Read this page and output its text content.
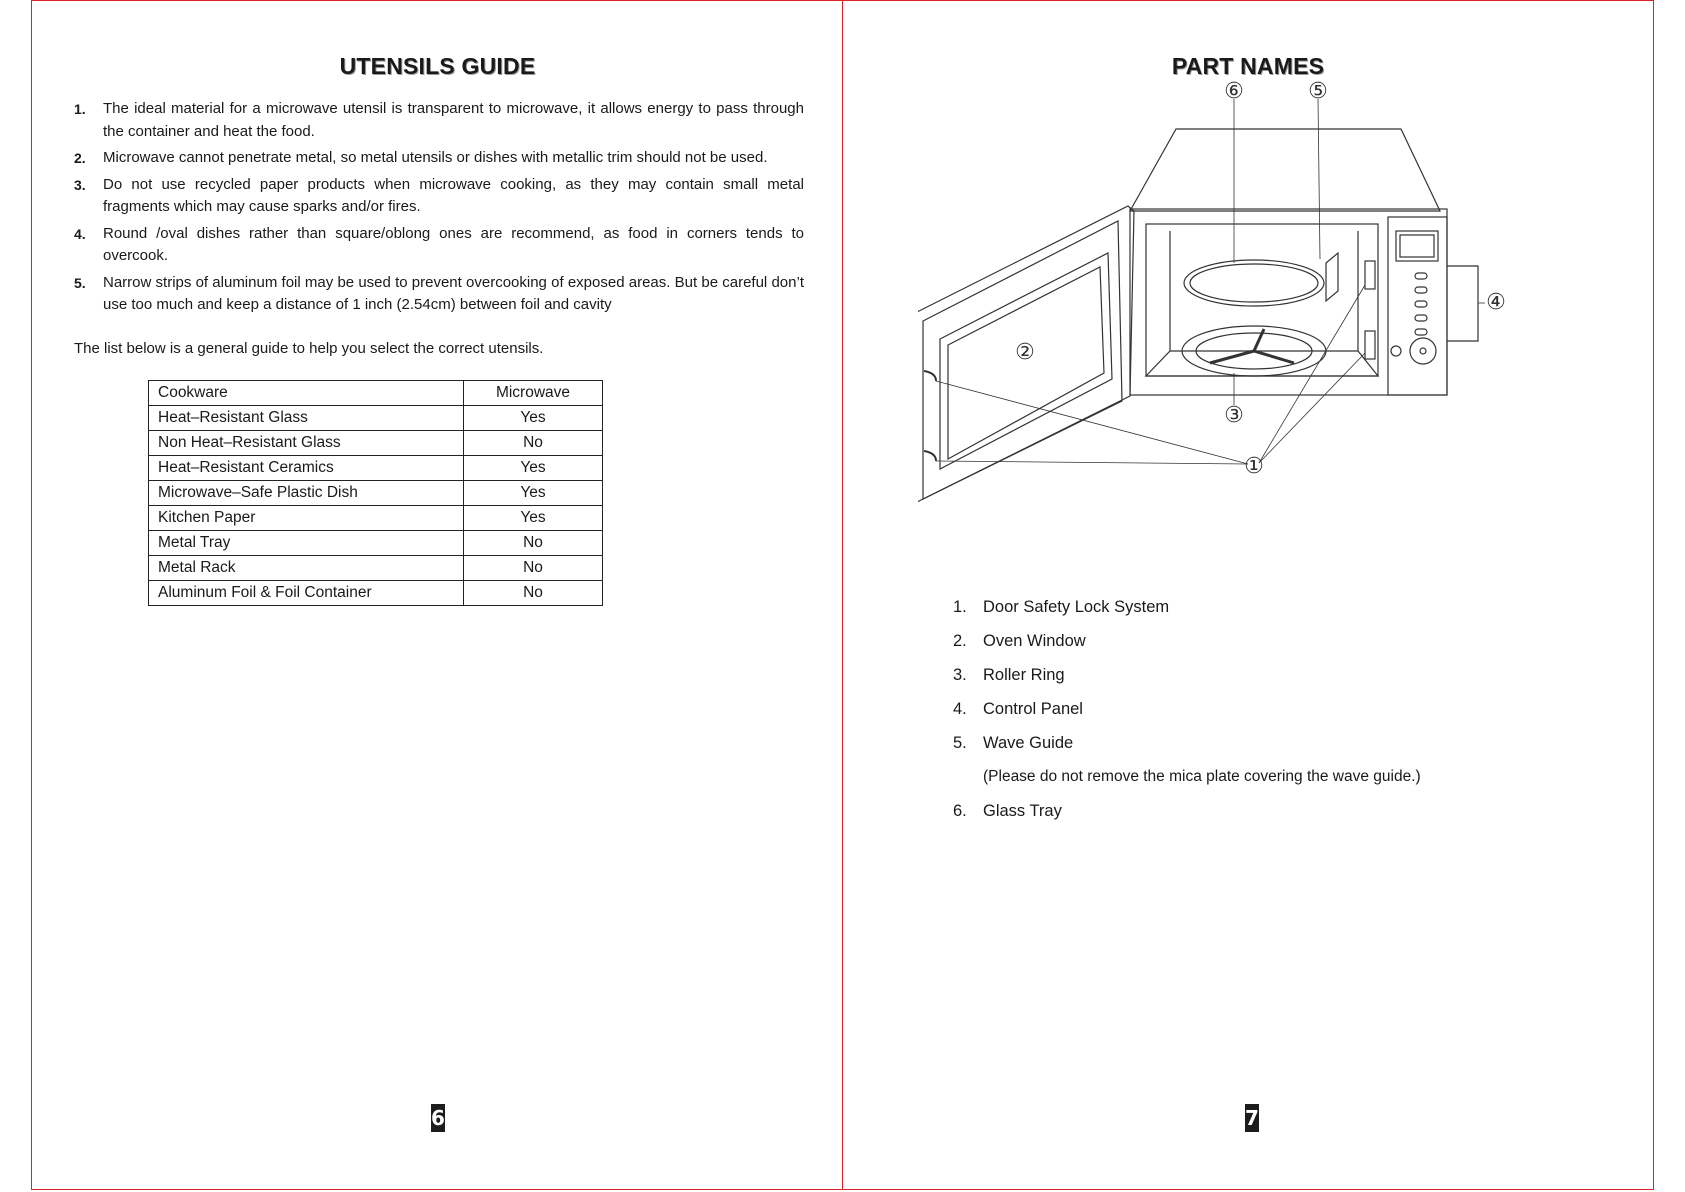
UTENSILS GUIDE
1. The ideal material for a microwave utensil is transparent to microwave, it allows energy to pass through the container and heat the food.
2. Microwave cannot penetrate metal, so metal utensils or dishes with metallic trim should not be used.
3. Do not use recycled paper products when microwave cooking, as they may contain small metal fragments which may cause sparks and/or fires.
4. Round /oval dishes rather than square/oblong ones are recommend, as food in corners tends to overcook.
5. Narrow strips of aluminum foil may be used to prevent overcooking of exposed areas. But be careful don’t use too much and keep a distance of 1 inch (2.54cm) between foil and cavity

The list below is a general guide to help you select the correct utensils.

Cookware	Microwave
Heat–Resistant Glass	Yes
Non Heat–Resistant Glass	No
Heat–Resistant Ceramics	Yes
Microwave–Safe Plastic Dish	Yes
Kitchen Paper	Yes
Metal Tray	No
Metal Rack	No
Aluminum Foil & Foil Container	No
6
PART NAMES
①
②
③
④
⑤
⑥
1. Door Safety Lock System
2. Oven Window
3. Roller Ring
4. Control Panel
5. Wave Guide
(Please do not remove the mica plate covering the wave guide.)
6. Glass Tray
7
